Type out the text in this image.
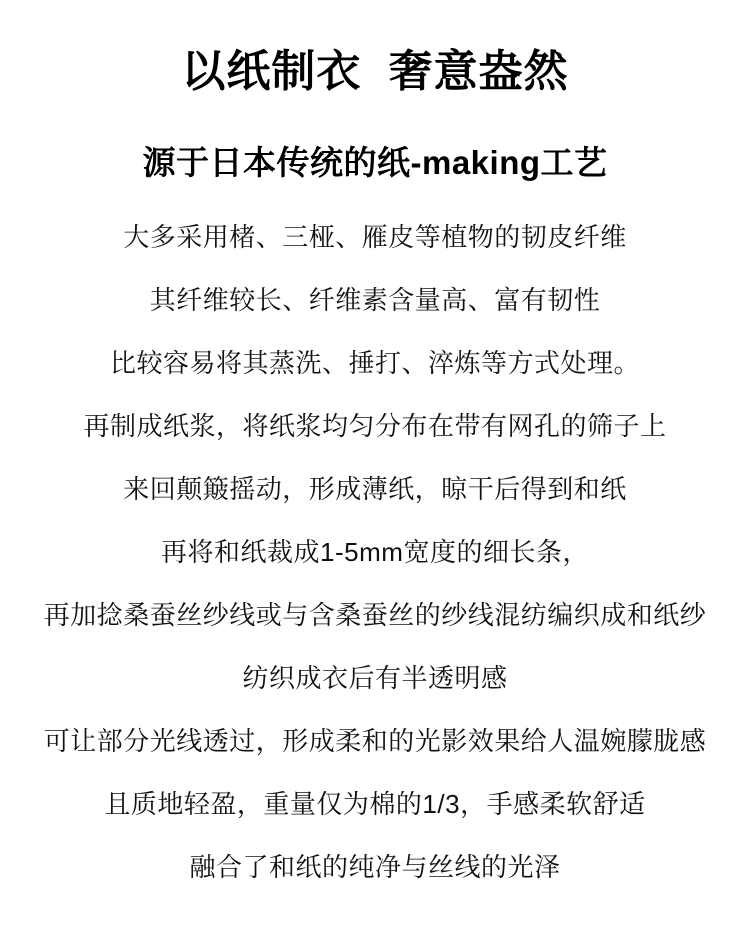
以纸制衣 奢意盎然
源于日本传统的纸-making工艺

大多采用楮、三桠、雁皮等植物的韧皮纤维

其纤维较长、纤维素含量高、富有韧性

比较容易将其蒸洗、捶打、淬炼等方式处理。

再制成纸浆，将纸浆均匀分布在带有网孔的筛子上

来回颠簸摇动，形成薄纸，晾干后得到和纸

再将和纸裁成1-5mm宽度的细长条，

再加捻桑蚕丝纱线或与含桑蚕丝的纱线混纺编织成和纸纱

纺织成衣后有半透明感

可让部分光线透过，形成柔和的光影效果给人温婉朦胧感

且质地轻盈，重量仅为棉的1/3，手感柔软舒适

融合了和纸的纯净与丝线的光泽
